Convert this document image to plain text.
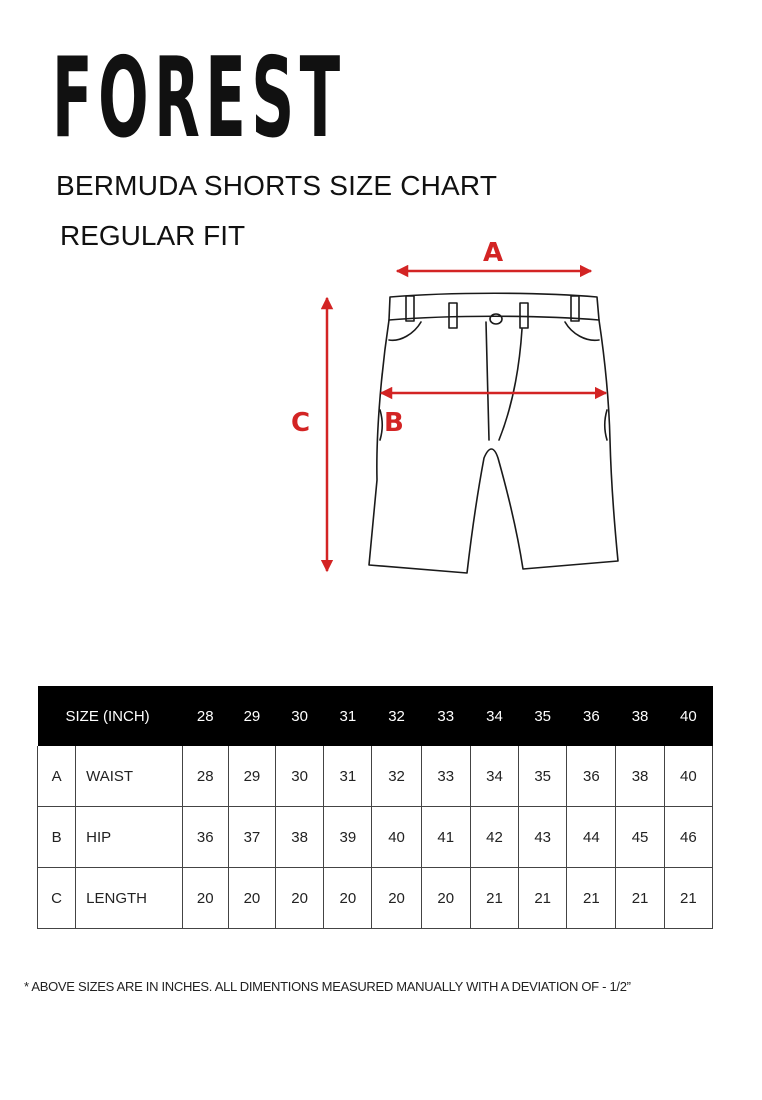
FOREST
BERMUDA SHORTS SIZE CHART
REGULAR FIT
A
B
C
SIZE (INCH)		28	29	30	31	32	33	34	35	36	38	40
A	WAIST	28	29	30	31	32	33	34	35	36	38	40
B	HIP	36	37	38	39	40	41	42	43	44	45	46
C	LENGTH	20	20	20	20	20	20	21	21	21	21	21

* ABOVE SIZES ARE IN INCHES. ALL DIMENTIONS MEASURED MANUALLY WITH A DEVIATION OF - 1/2”
